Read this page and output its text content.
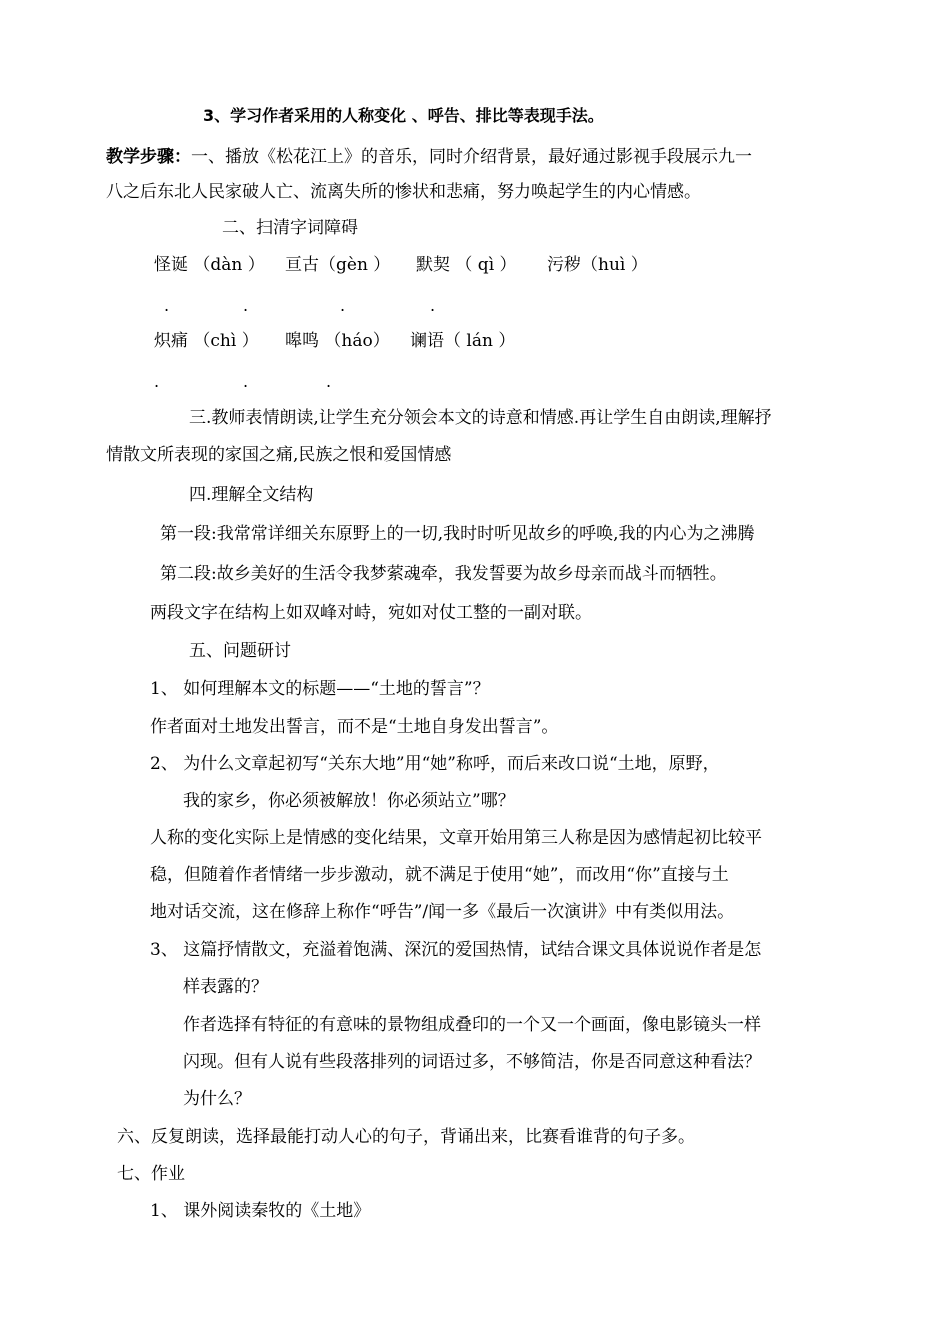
3、学习作者采用的人称变化 、呼告、排比等表现手法。
教学步骤：一、播放《松花江上》的音乐，同时介绍背景，最好通过影视手段展示九一
八之后东北人民家破人亡、流离失所的惨状和悲痛，努力唤起学生的内心情感。
二、扫清字词障碍
怪诞 （dàn ） 亘古（gèn ） 默契 （ qì ） 污秽（huì ）
.	.	.	.
炽痛 （chì ） 嗥鸣 （háo） 谰语（ lán ）
.	.	.
三.教师表情朗读,让学生充分领会本文的诗意和情感.再让学生自由朗读,理解抒
情散文所表现的家国之痛,民族之恨和爱国情感
四.理解全文结构
第一段:我常常详细关东原野上的一切,我时时听见故乡的呼唤,我的内心为之沸腾
第二段:故乡美好的生活令我梦萦魂牵，我发誓要为故乡母亲而战斗而牺牲。
两段文字在结构上如双峰对峙，宛如对仗工整的一副对联。
五、问题研讨
1、 如何理解本文的标题——“土地的誓言”？
作者面对土地发出誓言，而不是“土地自身发出誓言”。
2、 为什么文章起初写“关东大地”用“她”称呼，而后来改口说“土地，原野，
我的家乡，你必须被解放！你必须站立”哪？
人称的变化实际上是情感的变化结果，文章开始用第三人称是因为感情起初比较平
稳，但随着作者情绪一步步激动，就不满足于使用“她”，而改用“你”直接与土
地对话交流，这在修辞上称作“呼告”/闻一多《最后一次演讲》中有类似用法。
3、 这篇抒情散文，充溢着饱满、深沉的爱国热情，试结合课文具体说说作者是怎
样表露的？
作者选择有特征的有意味的景物组成叠印的一个又一个画面，像电影镜头一样
闪现。但有人说有些段落排列的词语过多，不够简洁，你是否同意这种看法？
为什么？
六、反复朗读，选择最能打动人心的句子，背诵出来，比赛看谁背的句子多。
七、作业
1、 课外阅读秦牧的《土地》
